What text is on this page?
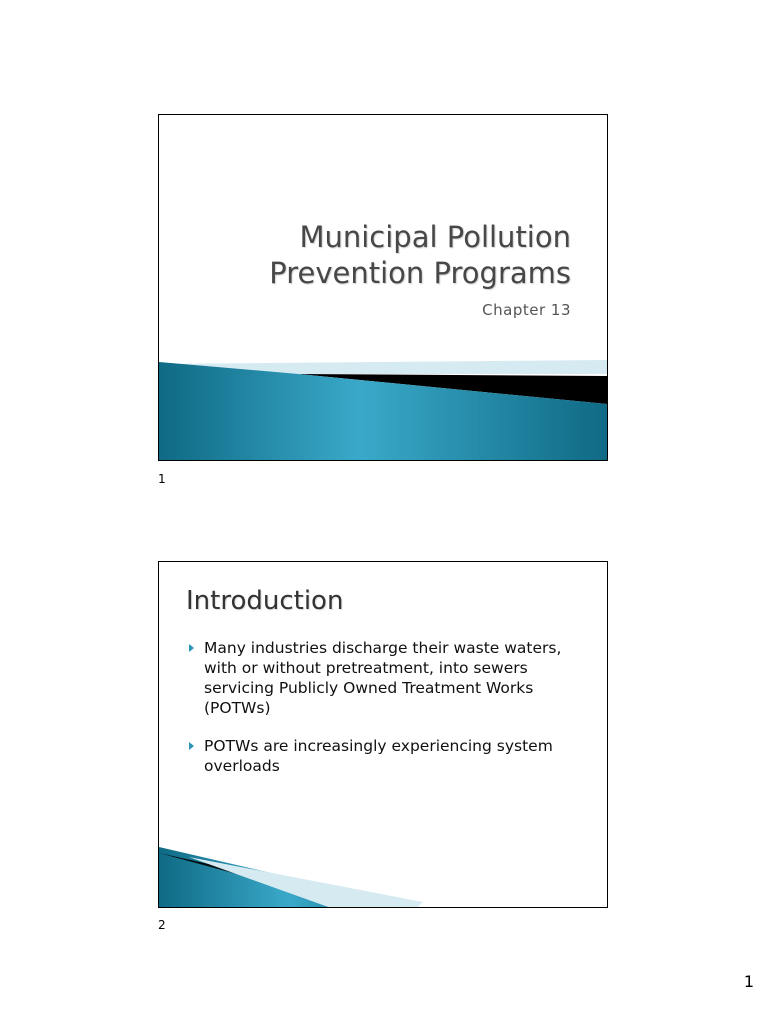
Municipal Pollution
Prevention Programs
Chapter 13
1
Introduction
Many industries discharge their waste waters, with or without pretreatment, into sewers servicing Publicly Owned Treatment Works (POTWs)
POTWs are increasingly experiencing system overloads
2
1
